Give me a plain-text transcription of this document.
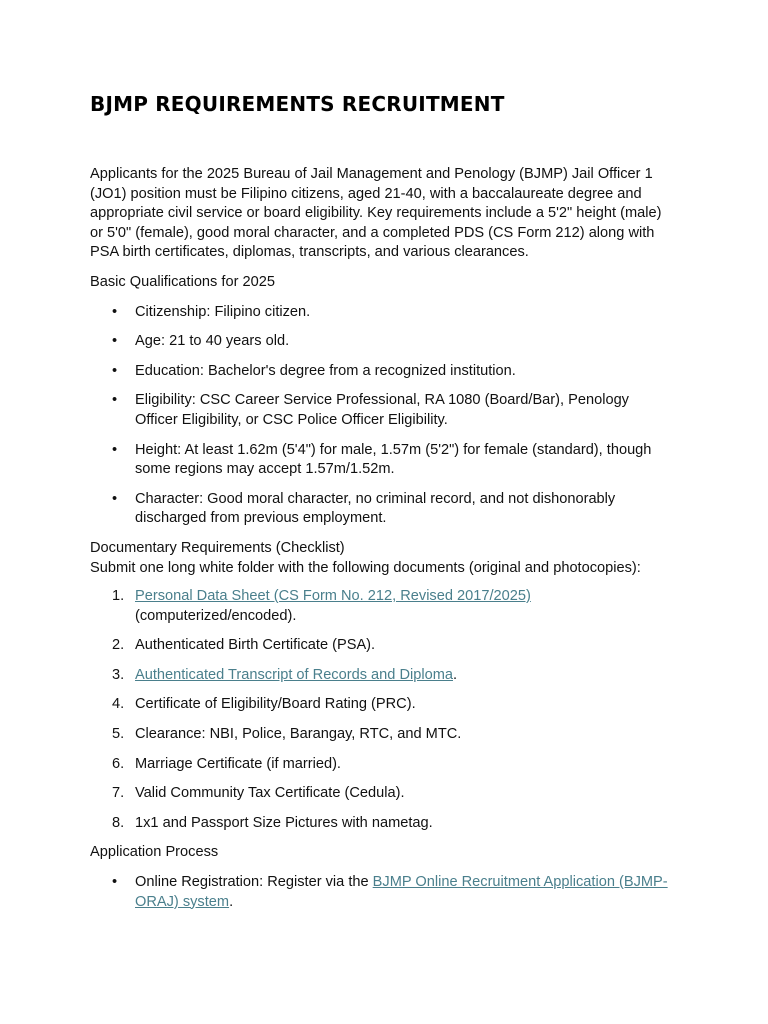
BJMP REQUIREMENTS RECRUITMENT

Applicants for the 2025 Bureau of Jail Management and Penology (BJMP) Jail Officer 1 (JO1) position must be Filipino citizens, aged 21-40, with a baccalaureate degree and appropriate civil service or board eligibility. Key requirements include a 5'2" height (male) or 5'0" (female), good moral character, and a completed PDS (CS Form 212) along with PSA birth certificates, diplomas, transcripts, and various clearances.

Basic Qualifications for 2025

• Citizenship: Filipino citizen.
• Age: 21 to 40 years old.
• Education: Bachelor's degree from a recognized institution.
• Eligibility: CSC Career Service Professional, RA 1080 (Board/Bar), Penology Officer Eligibility, or CSC Police Officer Eligibility.
• Height: At least 1.62m (5'4") for male, 1.57m (5'2") for female (standard), though some regions may accept 1.57m/1.52m.
• Character: Good moral character, no criminal record, and not dishonorably discharged from previous employment.

Documentary Requirements (Checklist)

Submit one long white folder with the following documents (original and photocopies):

1. Personal Data Sheet (CS Form No. 212, Revised 2017/2025) (computerized/encoded).
2. Authenticated Birth Certificate (PSA).
3. Authenticated Transcript of Records and Diploma.
4. Certificate of Eligibility/Board Rating (PRC).
5. Clearance: NBI, Police, Barangay, RTC, and MTC.
6. Marriage Certificate (if married).
7. Valid Community Tax Certificate (Cedula).
8. 1x1 and Passport Size Pictures with nametag.

Application Process

• Online Registration: Register via the BJMP Online Recruitment Application (BJMP-ORAJ) system.
